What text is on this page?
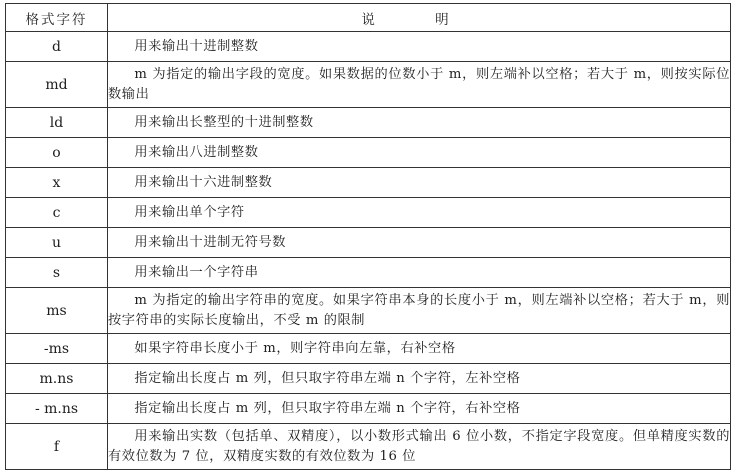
格式字符	说 明
d	用来输出十进制整数

md	m 为指定的输出字段的宽度。如果数据的位数小于 m，则左端补以空格；若大于 m，则按实际位数输出

ld	用来输出长整型的十进制整数

o	用来输出八进制整数

x	用来输出十六进制整数

c	用来输出单个字符

u	用来输出十进制无符号数

s	用来输出一个字符串

ms	m 为指定的输出字符串的宽度。如果字符串本身的长度小于 m，则左端补以空格；若大于 m，则按字符串的实际长度输出，不受 m 的限制

-ms	如果字符串长度小于 m，则字符串向左靠，右补空格

m.ns	指定输出长度占 m 列，但只取字符串左端 n 个字符，左补空格

- m.ns	指定输出长度占 m 列，但只取字符串左端 n 个字符，右补空格

f	用来输出实数（包括单、双精度），以小数形式输出 6 位小数，不指定字段宽度。但单精度实数的有效位数为 7 位，双精度实数的有效位数为 16 位
